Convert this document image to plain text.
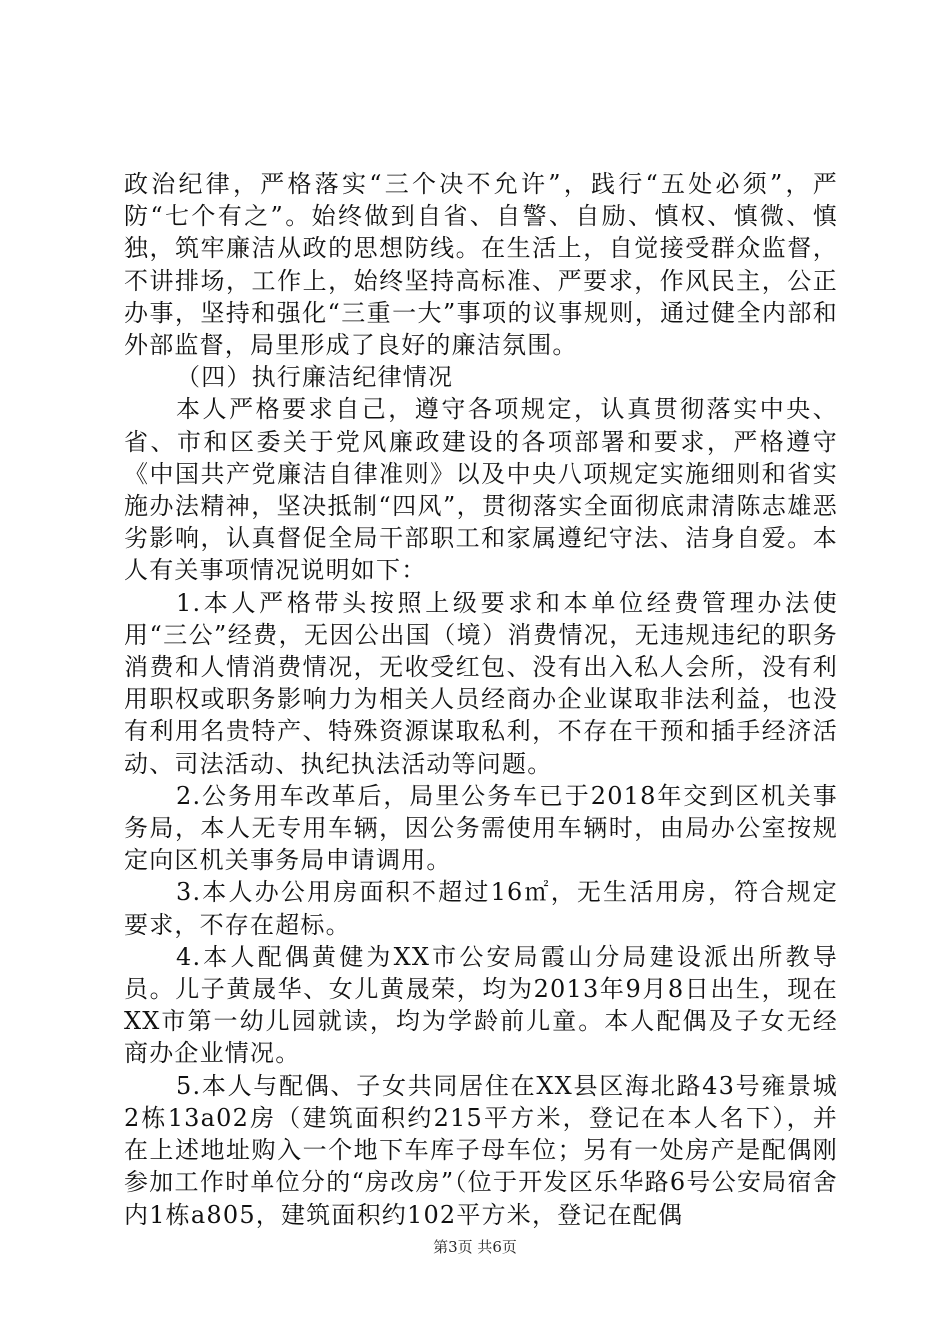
政治纪律，严格落实“三个决不允许”，践行“五处必须”，严防“七个有之”。始终做到自省、自警、自励、慎权、慎微、慎独，筑牢廉洁从政的思想防线。在生活上，自觉接受群众监督，不讲排场，工作上，始终坚持高标准、严要求，作风民主，公正办事，坚持和强化“三重一大”事项的议事规则，通过健全内部和外部监督，局里形成了良好的廉洁氛围。

（四）执行廉洁纪律情况

本人严格要求自己，遵守各项规定，认真贯彻落实中央、省、市和区委关于党风廉政建设的各项部署和要求，严格遵守《中国共产党廉洁自律准则》以及中央八项规定实施细则和省实施办法精神，坚决抵制“四风”，贯彻落实全面彻底肃清陈志雄恶劣影响，认真督促全局干部职工和家属遵纪守法、洁身自爱。本人有关事项情况说明如下：

1.本人严格带头按照上级要求和本单位经费管理办法使用“三公”经费，无因公出国（境）消费情况，无违规违纪的职务消费和人情消费情况，无收受红包、没有出入私人会所，没有利用职权或职务影响力为相关人员经商办企业谋取非法利益，也没有利用名贵特产、特殊资源谋取私利，不存在干预和插手经济活动、司法活动、执纪执法活动等问题。

2.公务用车改革后，局里公务车已于2018年交到区机关事务局，本人无专用车辆，因公务需使用车辆时，由局办公室按规定向区机关事务局申请调用。

3.本人办公用房面积不超过16㎡，无生活用房，符合规定要求，不存在超标。

4.本人配偶黄健为XX市公安局霞山分局建设派出所教导员。儿子黄晟华、女儿黄晟荣，均为2013年9月8日出生，现在XX市第一幼儿园就读，均为学龄前儿童。本人配偶及子女无经商办企业情况。

5.本人与配偶、子女共同居住在XX县区海北路43号雍景城2栋13a02房（建筑面积约215平方米，登记在本人名下），并在上述地址购入一个地下车库子母车位；另有一处房产是配偶刚参加工作时单位分的“房改房”（位于开发区乐华路6号公安局宿舍内1栋a805，建筑面积约102平方米，登记在配偶

第3页 共6页
